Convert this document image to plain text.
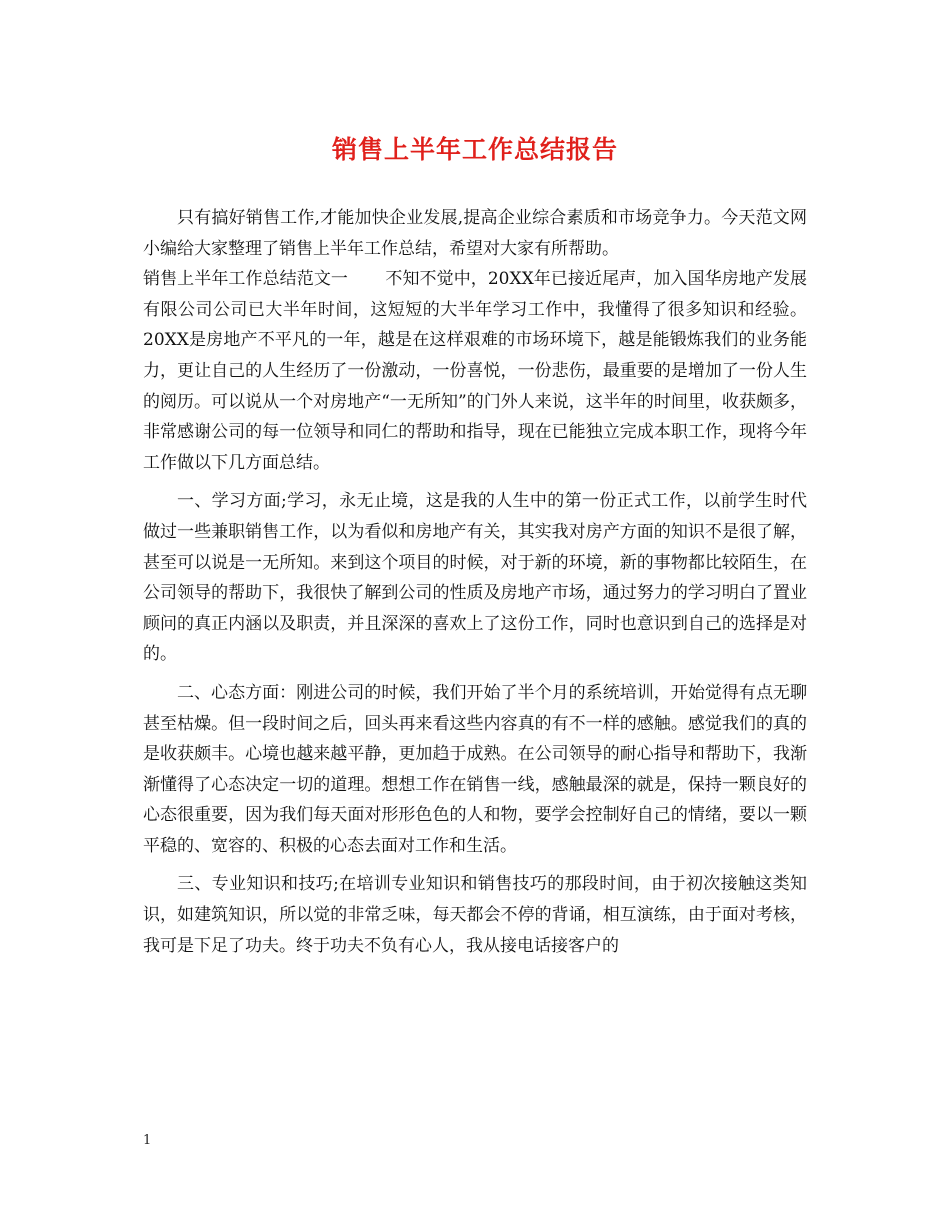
销售上半年工作总结报告

只有搞好销售工作,才能加快企业发展,提高企业综合素质和市场竞争力。今天范文网小编给大家整理了销售上半年工作总结，希望对大家有所帮助。

销售上半年工作总结范文一 不知不觉中，20XX年已接近尾声，加入国华房地产发展有限公司公司已大半年时间，这短短的大半年学习工作中，我懂得了很多知识和经验。20XX是房地产不平凡的一年，越是在这样艰难的市场环境下，越是能锻炼我们的业务能力，更让自己的人生经历了一份激动，一份喜悦，一份悲伤，最重要的是增加了一份人生的阅历。可以说从一个对房地产“一无所知”的门外人来说，这半年的时间里，收获颇多，非常感谢公司的每一位领导和同仁的帮助和指导，现在已能独立完成本职工作，现将今年工作做以下几方面总结。

一、学习方面;学习，永无止境，这是我的人生中的第一份正式工作，以前学生时代做过一些兼职销售工作，以为看似和房地产有关，其实我对房产方面的知识不是很了解，甚至可以说是一无所知。来到这个项目的时候，对于新的环境，新的事物都比较陌生，在公司领导的帮助下，我很快了解到公司的性质及房地产市场，通过努力的学习明白了置业顾问的真正内涵以及职责，并且深深的喜欢上了这份工作，同时也意识到自己的选择是对的。

二、心态方面：刚进公司的时候，我们开始了半个月的系统培训，开始觉得有点无聊甚至枯燥。但一段时间之后，回头再来看这些内容真的有不一样的感触。感觉我们的真的是收获颇丰。心境也越来越平静，更加趋于成熟。在公司领导的耐心指导和帮助下，我渐渐懂得了心态决定一切的道理。想想工作在销售一线，感触最深的就是，保持一颗良好的心态很重要，因为我们每天面对形形色色的人和物，要学会控制好自己的情绪，要以一颗平稳的、宽容的、积极的心态去面对工作和生活。

三、专业知识和技巧;在培训专业知识和销售技巧的那段时间，由于初次接触这类知识，如建筑知识，所以觉的非常乏味，每天都会不停的背诵，相互演练，由于面对考核，我可是下足了功夫。终于功夫不负有心人，我从接电话接客户的

1
